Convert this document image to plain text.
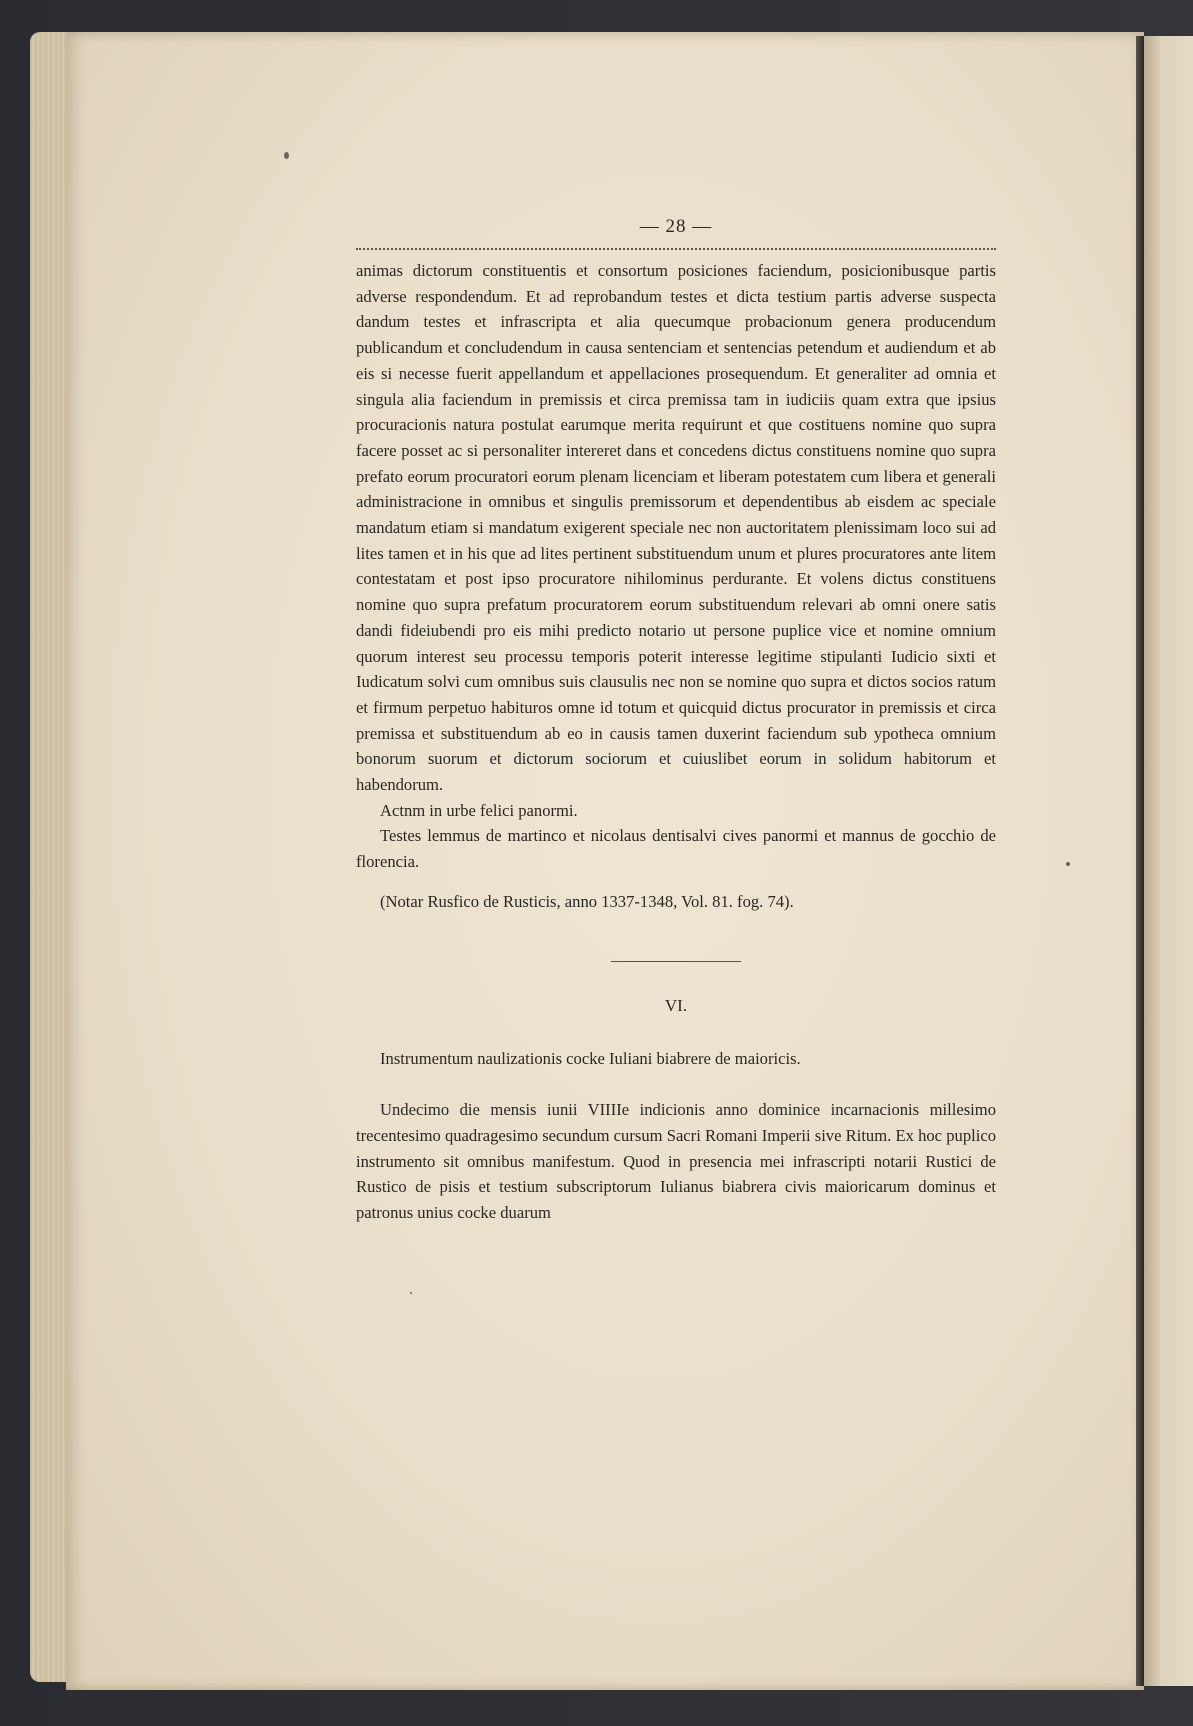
— 28 —

animas dictorum constituentis et consortum posiciones faciendum, posicionibusque partis adverse respondendum. Et ad reprobandum testes et dicta testium partis adverse suspecta dandum testes et infrascripta et alia quecumque probacionum genera producendum publicandum et concludendum in causa sentenciam et sentencias petendum et audiendum et ab eis si necesse fuerit appellandum et appellaciones prosequendum. Et generaliter ad omnia et singula alia faciendum in premissis et circa premissa tam in iudiciis quam extra que ipsius procuracionis natura postulat earumque merita requirunt et que costituens nomine quo supra facere posset ac si personaliter intereret dans et concedens dictus constituens nomine quo supra prefato eorum procuratori eorum plenam licenciam et liberam potestatem cum libera et generali administracione in omnibus et singulis premissorum et dependentibus ab eisdem ac speciale mandatum etiam si mandatum exigerent speciale nec non auctoritatem plenissimam loco sui ad lites tamen et in his que ad lites pertinent substituendum unum et plures procuratores ante litem contestatam et post ipso procuratore nihilominus perdurante. Et volens dictus constituens nomine quo supra prefatum procuratorem eorum substituendum relevari ab omni onere satis dandi fideiubendi pro eis mihi predicto notario ut persone puplice vice et nomine omnium quorum interest seu processu temporis poterit interesse legitime stipulanti Iudicio sixti et Iudicatum solvi cum omnibus suis clausulis nec non se nomine quo supra et dictos socios ratum et firmum perpetuo habituros omne id totum et quicquid dictus procurator in premissis et circa premissa et substituendum ab eo in causis tamen duxerint faciendum sub ypotheca omnium bonorum suorum et dictorum sociorum et cuiuslibet eorum in solidum habitorum et habendorum.

Actnm in urbe felici panormi.

Testes lemmus de martinco et nicolaus dentisalvi cives panormi et mannus de gocchio de florencia.

(Notar Rusfico de Rusticis, anno 1337-1348, Vol. 81. fog. 74).
VI.
Instrumentum naulizationis cocke Iuliani biabrere de maioricis.

Undecimo die mensis iunii VIIIIe indicionis anno dominice incarnacionis millesimo trecentesimo quadragesimo secundum cursum Sacri Romani Imperii sive Ritum. Ex hoc puplico instrumento sit omnibus manifestum. Quod in presencia mei infrascripti notarii Rustici de Rustico de pisis et testium subscriptorum Iulianus biabrera civis maioricarum dominus et patronus unius cocke duarum
